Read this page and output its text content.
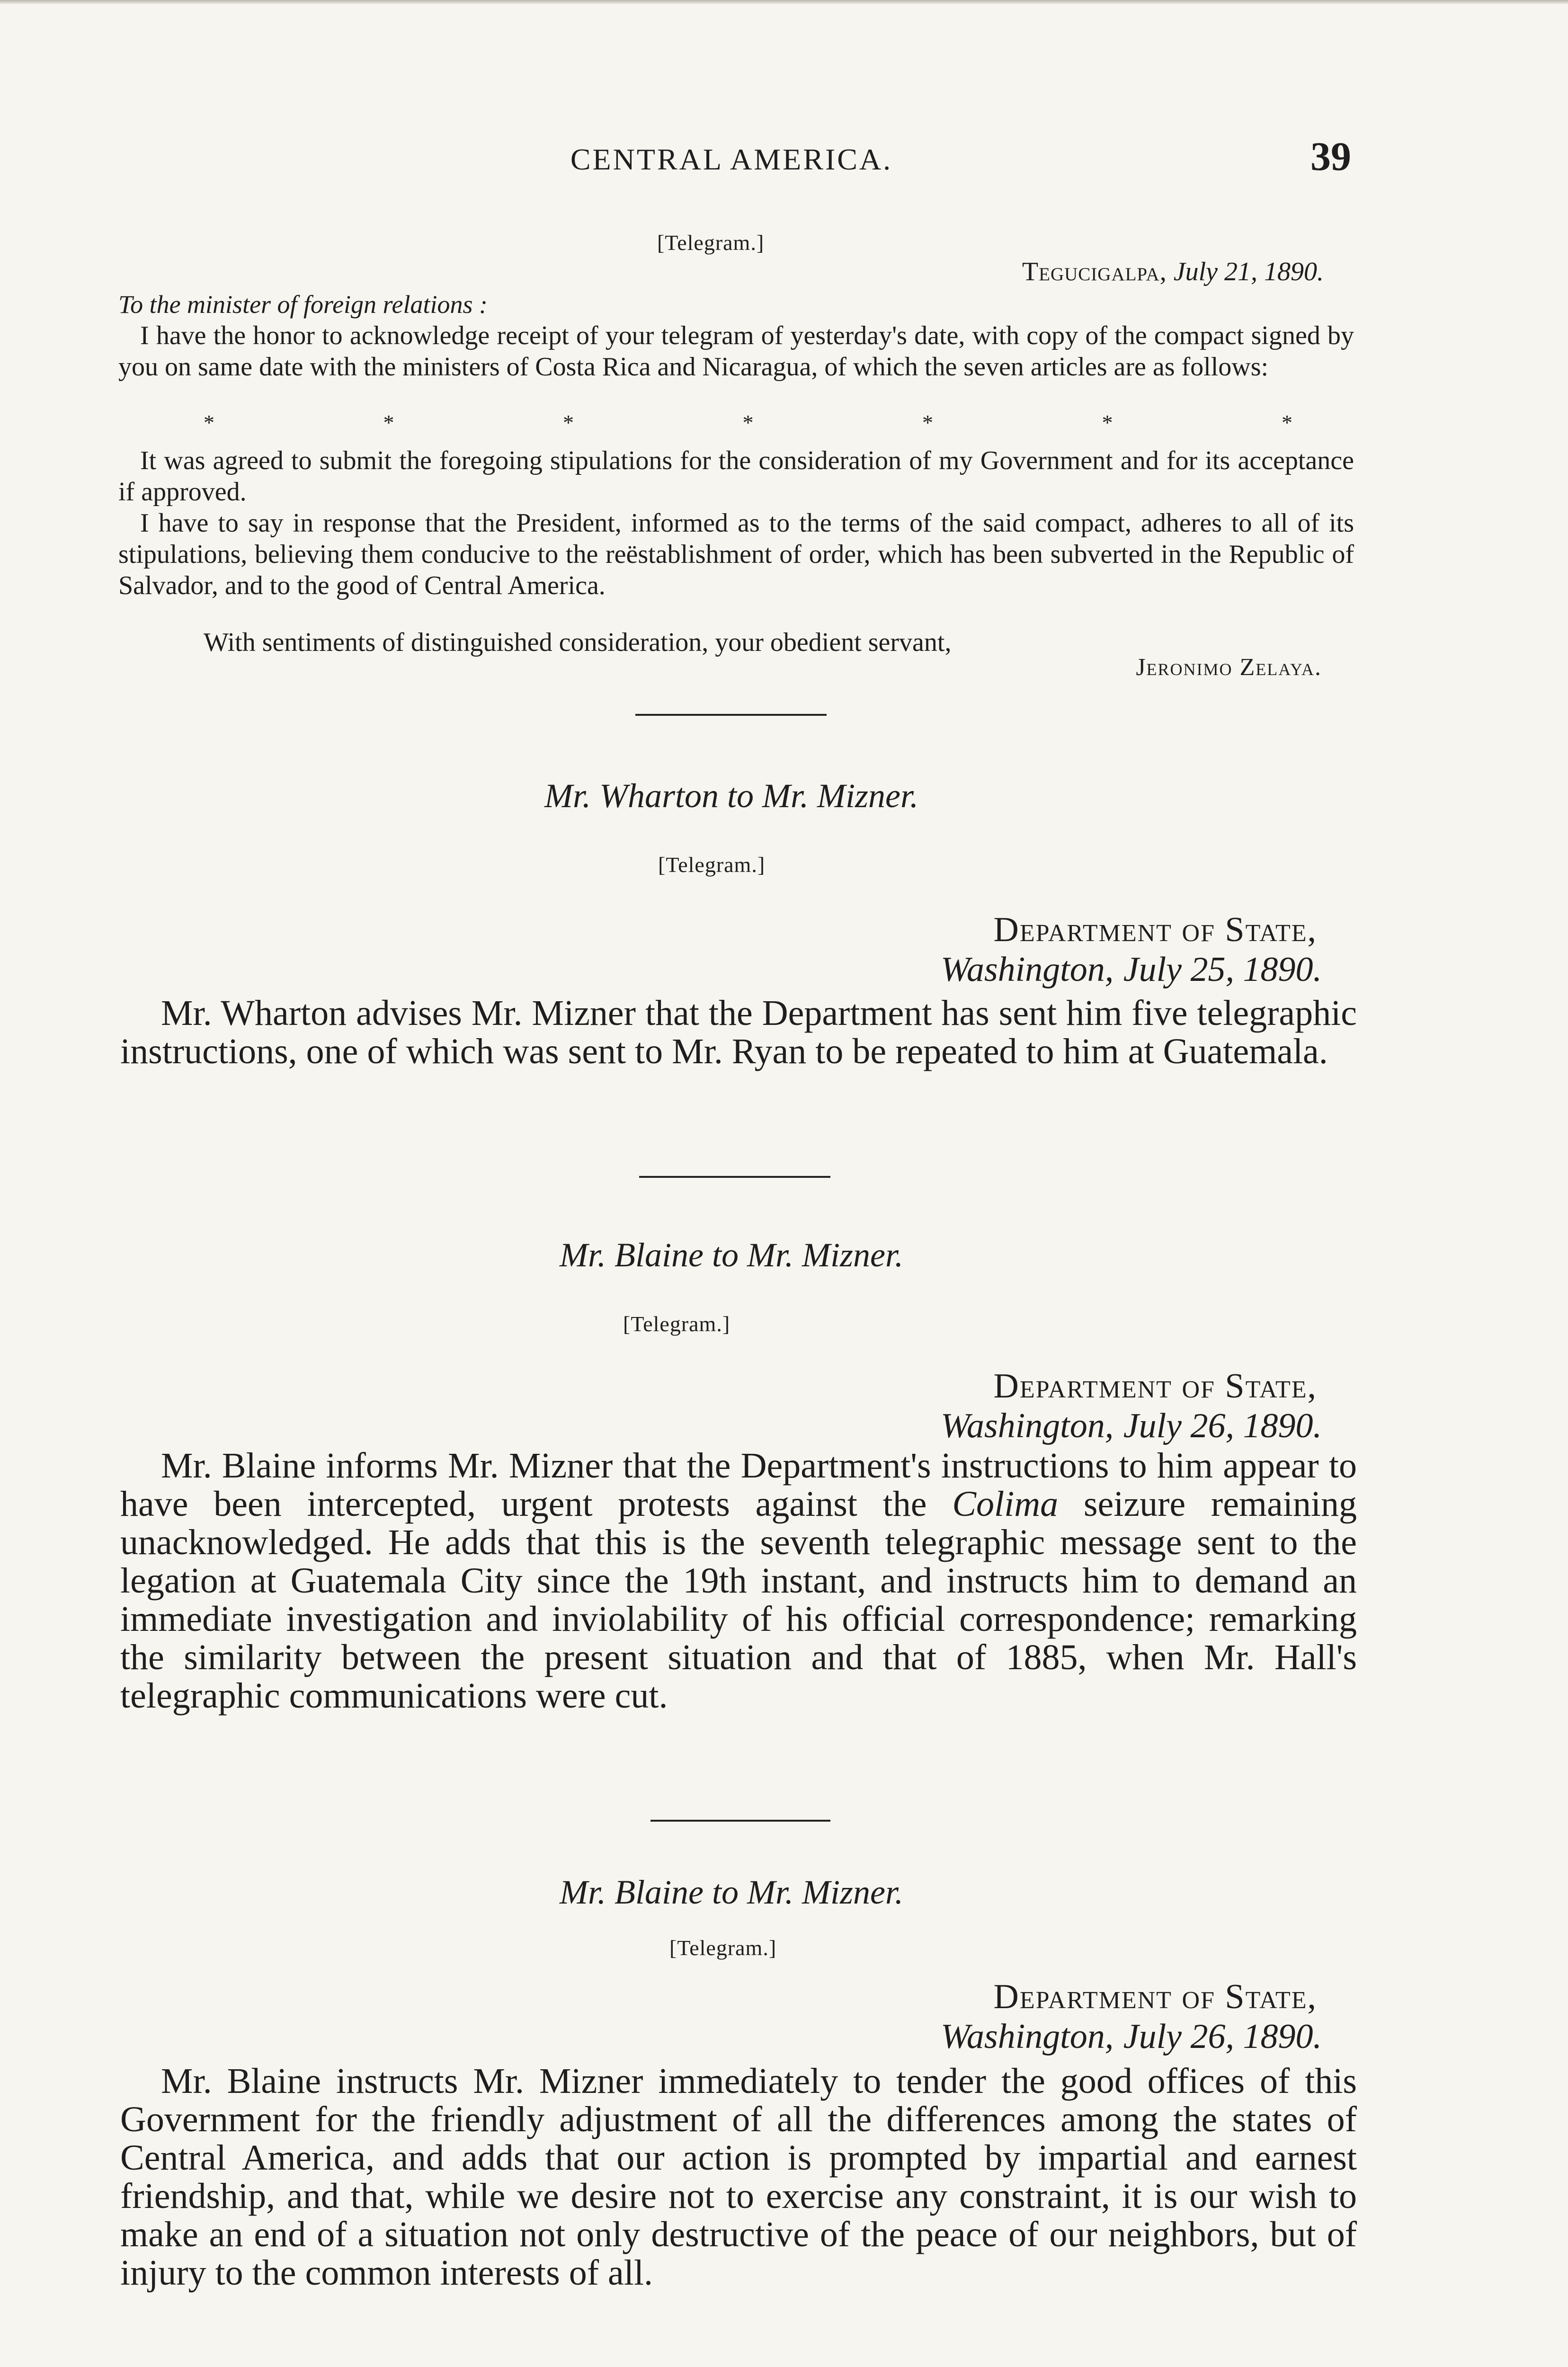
CENTRAL AMERICA.	39
[Telegram.]
Tegucigalpa, July 21, 1890.
To the minister of foreign relations :

I have the honor to acknowledge receipt of your telegram of yesterday's date, with copy of the compact signed by you on same date with the ministers of Costa Rica and Nicaragua, of which the seven articles are as follows:

*	*	*	*	*	*	*

It was agreed to submit the foregoing stipulations for the consideration of my Government and for its acceptance if approved.

I have to say in response that the President, informed as to the terms of the said compact, adheres to all of its stipulations, believing them conducive to the reëstablishment of order, which has been subverted in the Republic of Salvador, and to the good of Central America.

With sentiments of distinguished consideration, your obedient servant,

Jeronimo Zelaya.
Mr. Wharton to Mr. Mizner.
[Telegram.]
Department of State,
Washington, July 25, 1890.

Mr. Wharton advises Mr. Mizner that the Department has sent him five telegraphic instructions, one of which was sent to Mr. Ryan to be repeated to him at Guatemala.

Mr. Blaine to Mr. Mizner.
[Telegram.]
Department of State,
Washington, July 26, 1890.

Mr. Blaine informs Mr. Mizner that the Department's instructions to him appear to have been intercepted, urgent protests against the Colima seizure remaining unacknowledged. He adds that this is the seventh telegraphic message sent to the legation at Guatemala City since the 19th instant, and instructs him to demand an immediate investigation and inviolability of his official correspondence; remarking the similarity between the present situation and that of 1885, when Mr. Hall's telegraphic communications were cut.

Mr. Blaine to Mr. Mizner.
[Telegram.]
Department of State,
Washington, July 26, 1890.

Mr. Blaine instructs Mr. Mizner immediately to tender the good offices of this Government for the friendly adjustment of all the differences among the states of Central America, and adds that our action is prompted by impartial and earnest friendship, and that, while we desire not to exercise any constraint, it is our wish to make an end of a situation not only destructive of the peace of our neighbors, but of injury to the common interests of all.
